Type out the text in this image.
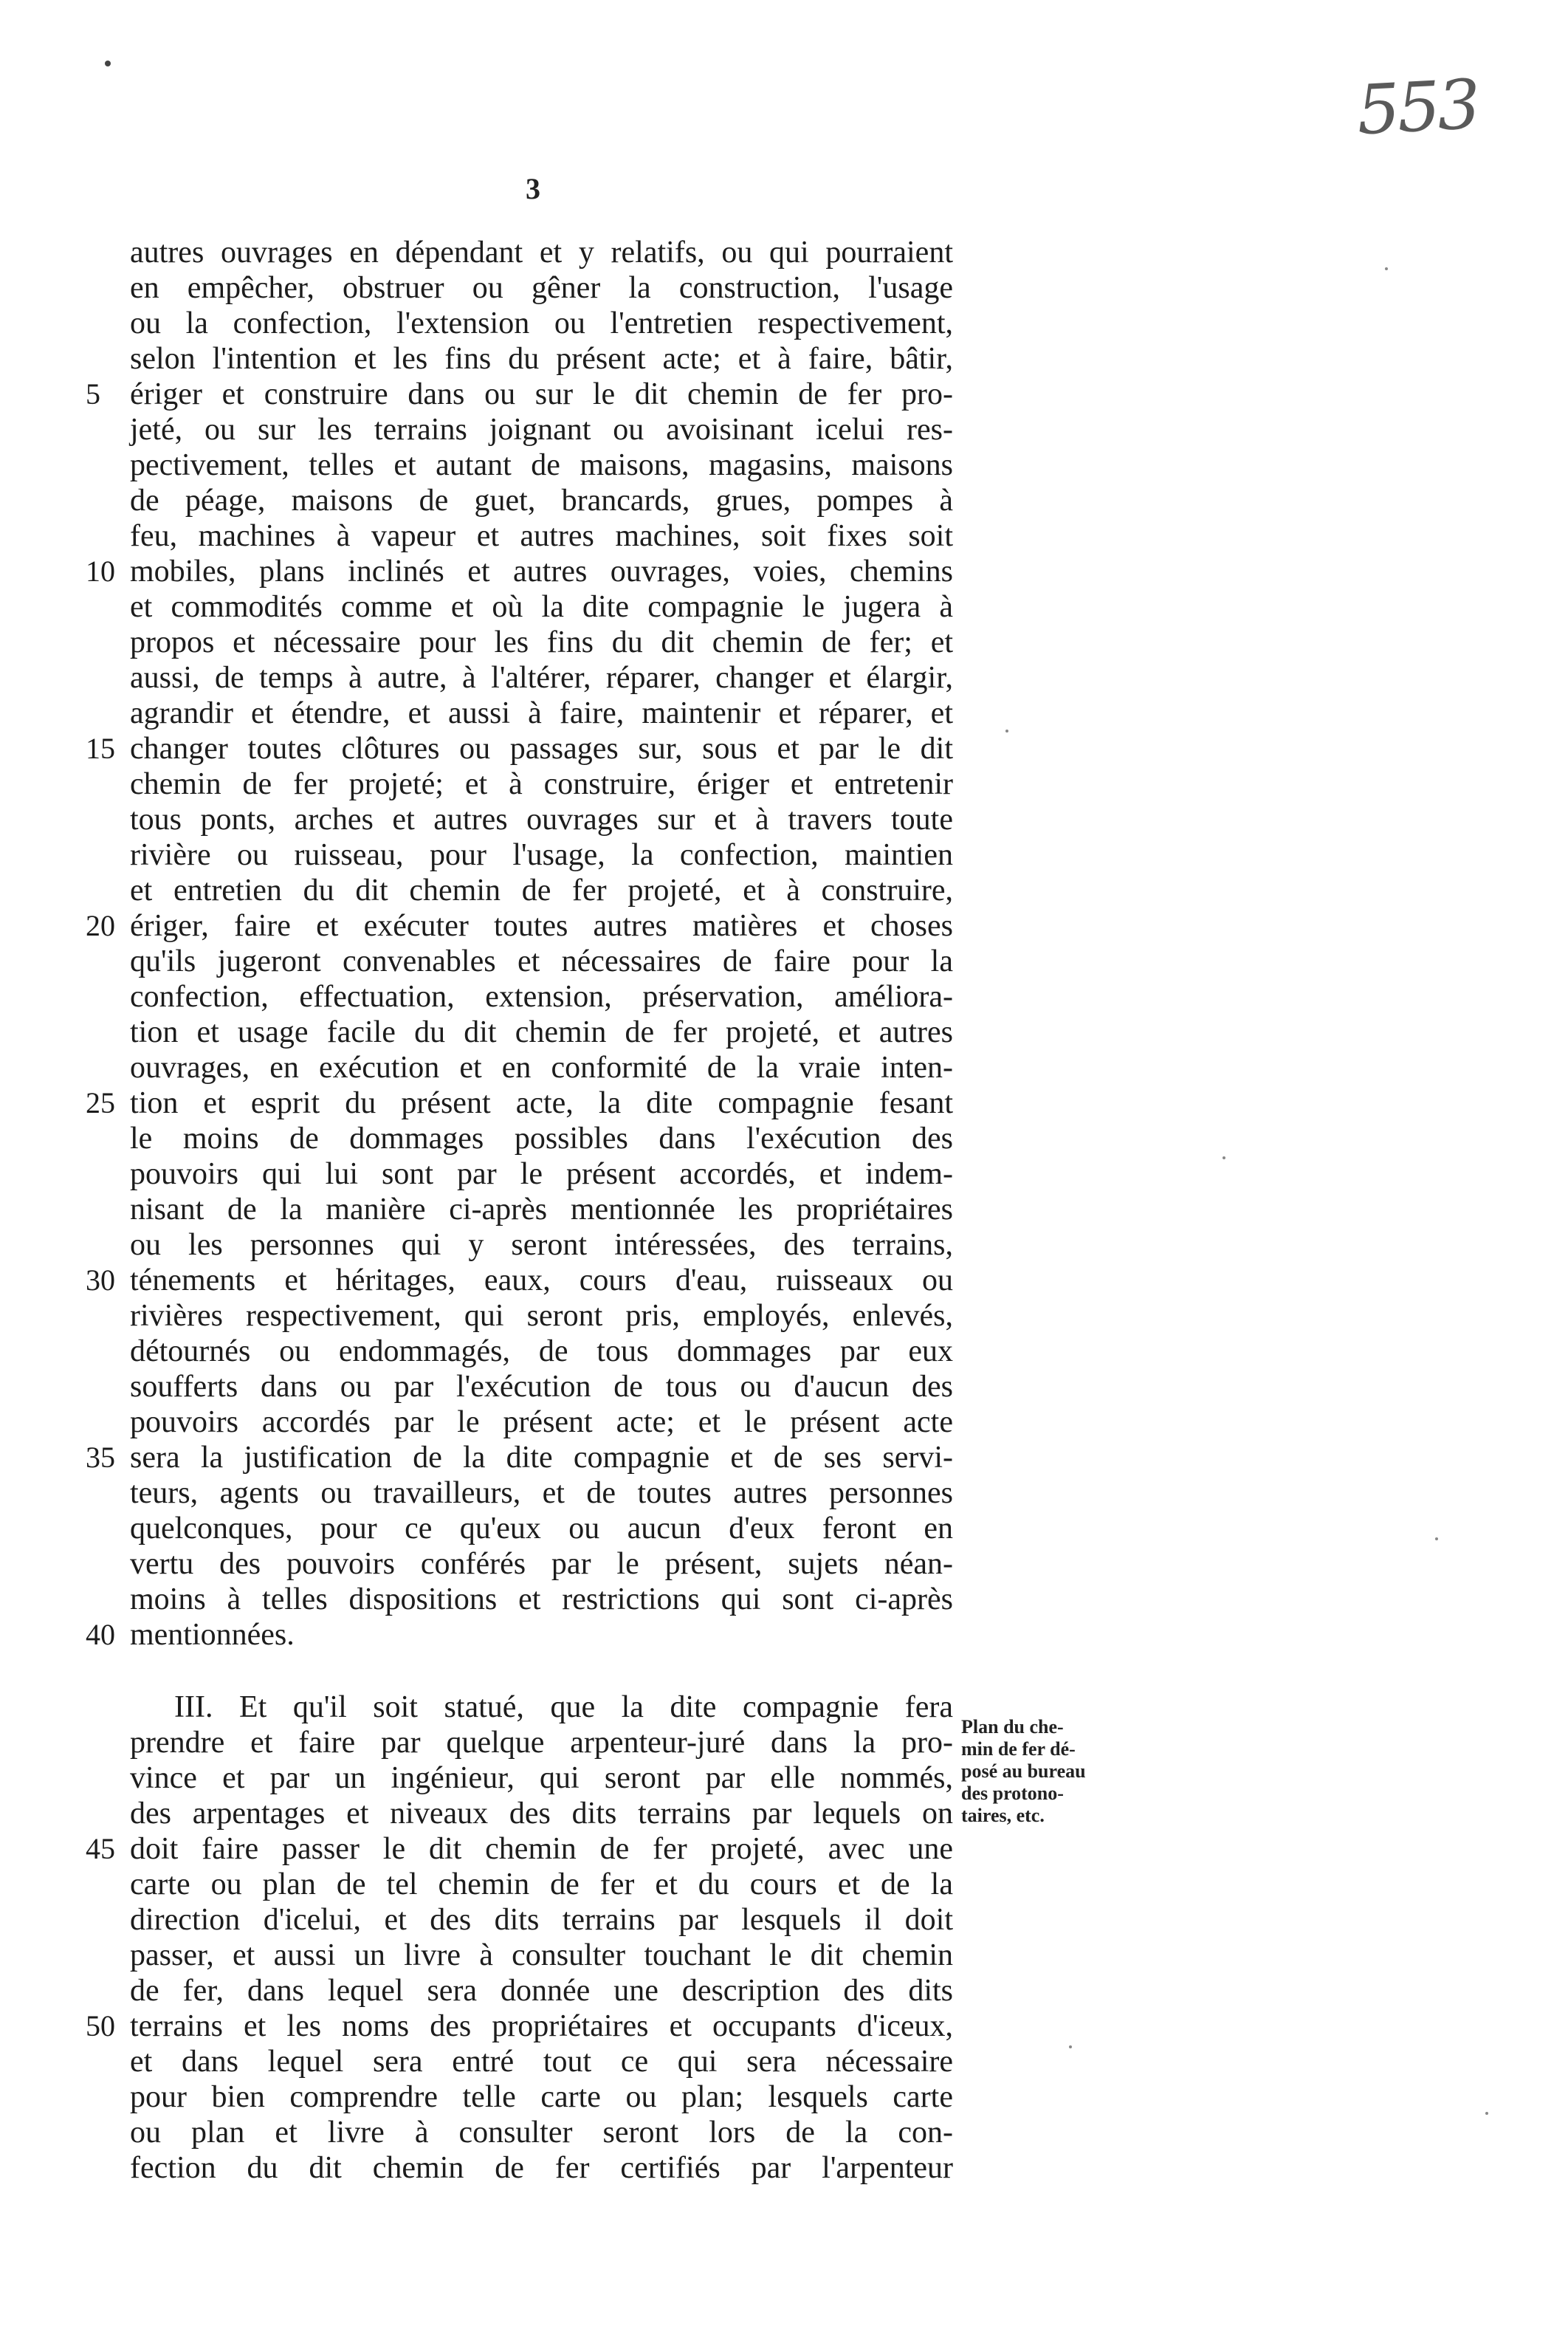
553
3
autres ouvrages en dépendant et y relatifs, ou qui pourraient
en empêcher, obstruer ou gêner la construction, l'usage
ou la confection, l'extension ou l'entretien respectivement,
selon l'intention et les fins du présent acte; et à faire, bâtir,
5 ériger et construire dans ou sur le dit chemin de fer pro-
jeté, ou sur les terrains joignant ou avoisinant icelui res-
pectivement, telles et autant de maisons, magasins, maisons
de péage, maisons de guet, brancards, grues, pompes à
feu, machines à vapeur et autres machines, soit fixes soit
10 mobiles, plans inclinés et autres ouvrages, voies, chemins
et commodités comme et où la dite compagnie le jugera à
propos et nécessaire pour les fins du dit chemin de fer; et
aussi, de temps à autre, à l'altérer, réparer, changer et élargir,
agrandir et étendre, et aussi à faire, maintenir et réparer, et
15 changer toutes clôtures ou passages sur, sous et par le dit
chemin de fer projeté; et à construire, ériger et entretenir
tous ponts, arches et autres ouvrages sur et à travers toute
rivière ou ruisseau, pour l'usage, la confection, maintien
et entretien du dit chemin de fer projeté, et à construire,
20 ériger, faire et exécuter toutes autres matières et choses
qu'ils jugeront convenables et nécessaires de faire pour la
confection, effectuation, extension, préservation, améliora-
tion et usage facile du dit chemin de fer projeté, et autres
ouvrages, en exécution et en conformité de la vraie inten-
25 tion et esprit du présent acte, la dite compagnie fesant
le moins de dommages possibles dans l'exécution des
pouvoirs qui lui sont par le présent accordés, et indem-
nisant de la manière ci-après mentionnée les propriétaires
ou les personnes qui y seront intéressées, des terrains,
30 ténements et héritages, eaux, cours d'eau, ruisseaux ou
rivières respectivement, qui seront pris, employés, enlevés,
détournés ou endommagés, de tous dommages par eux
soufferts dans ou par l'exécution de tous ou d'aucun des
pouvoirs accordés par le présent acte; et le présent acte
35 sera la justification de la dite compagnie et de ses servi-
teurs, agents ou travailleurs, et de toutes autres personnes
quelconques, pour ce qu'eux ou aucun d'eux feront en
vertu des pouvoirs conférés par le présent, sujets néan-
moins à telles dispositions et restrictions qui sont ci-après
40 mentionnées.
III. Et qu'il soit statué, que la dite compagnie fera
prendre et faire par quelque arpenteur-juré dans la pro-
vince et par un ingénieur, qui seront par elle nommés,
des arpentages et niveaux des dits terrains par lequels on
45 doit faire passer le dit chemin de fer projeté, avec une
carte ou plan de tel chemin de fer et du cours et de la
direction d'icelui, et des dits terrains par lesquels il doit
passer, et aussi un livre à consulter touchant le dit chemin
de fer, dans lequel sera donnée une description des dits
50 terrains et les noms des propriétaires et occupants d'iceux,
et dans lequel sera entré tout ce qui sera nécessaire
pour bien comprendre telle carte ou plan; lesquels carte
ou plan et livre à consulter seront lors de la con-
fection du dit chemin de fer certifiés par l'arpenteur
Plan du che-
min de fer dé-
posé au bureau
des protono-
taires, etc.
